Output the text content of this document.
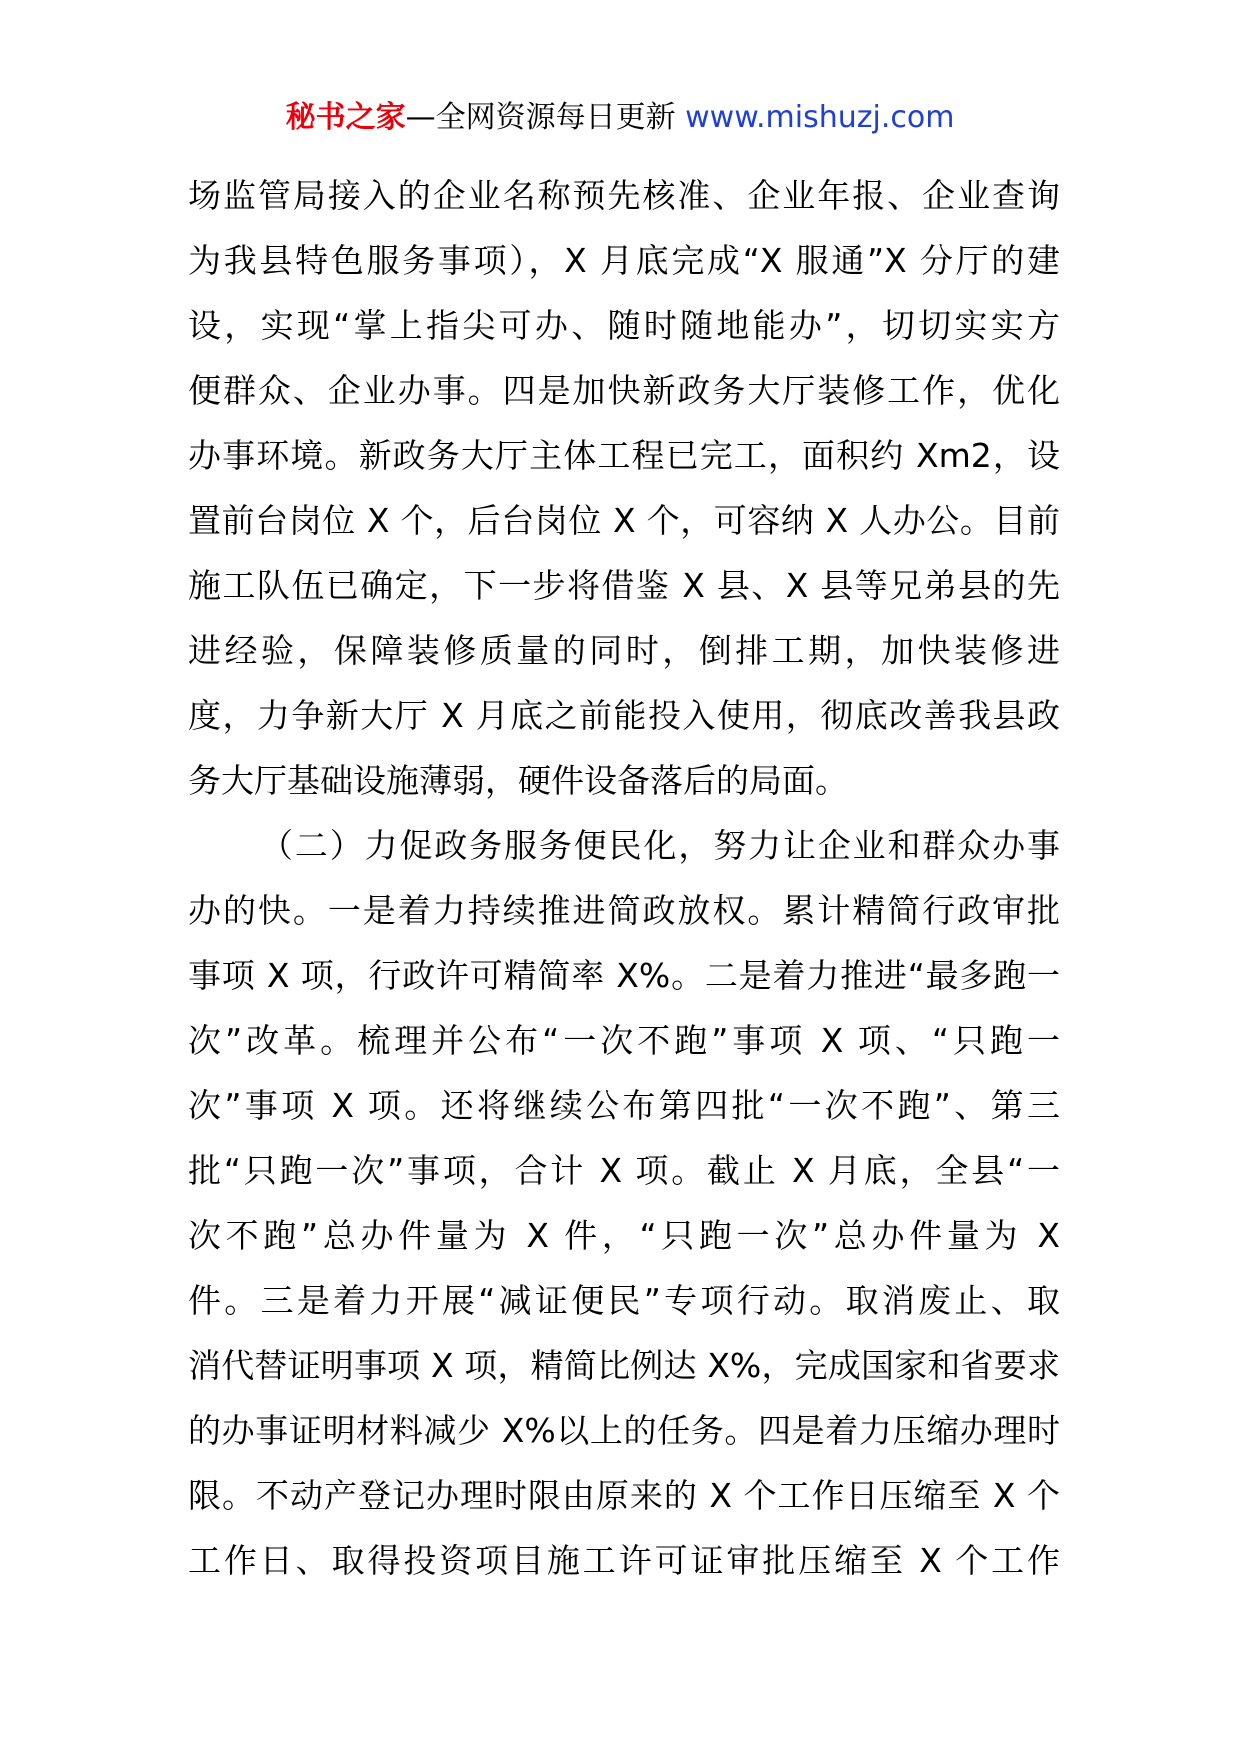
秘书之家—全网资源每日更新 www.mishuzj.com
场监管局接入的企业名称预先核准、企业年报、企业查询
为我县特色服务事项），X 月底完成“X 服通”X 分厅的建
设，实现“掌上指尖可办、随时随地能办”，切切实实方
便群众、企业办事。四是加快新政务大厅装修工作，优化
办事环境。新政务大厅主体工程已完工，面积约 Xm2，设
置前台岗位 X 个，后台岗位 X 个，可容纳 X 人办公。目前
施工队伍已确定，下一步将借鉴 X 县、X 县等兄弟县的先
进经验，保障装修质量的同时，倒排工期，加快装修进
度，力争新大厅 X 月底之前能投入使用，彻底改善我县政
务大厅基础设施薄弱，硬件设备落后的局面。
（二）力促政务服务便民化，努力让企业和群众办事
办的快。一是着力持续推进简政放权。累计精简行政审批
事项 X 项，行政许可精简率 X%。二是着力推进“最多跑一
次”改革。梳理并公布“一次不跑”事项 X 项、“只跑一
次”事项 X 项。还将继续公布第四批“一次不跑”、第三
批“只跑一次”事项，合计 X 项。截止 X 月底，全县“一
次不跑”总办件量为 X 件，“只跑一次”总办件量为 X
件。三是着力开展“减证便民”专项行动。取消废止、取
消代替证明事项 X 项，精简比例达 X%，完成国家和省要求
的办事证明材料减少 X%以上的任务。四是着力压缩办理时
限。不动产登记办理时限由原来的 X 个工作日压缩至 X 个
工作日、取得投资项目施工许可证审批压缩至 X 个工作
